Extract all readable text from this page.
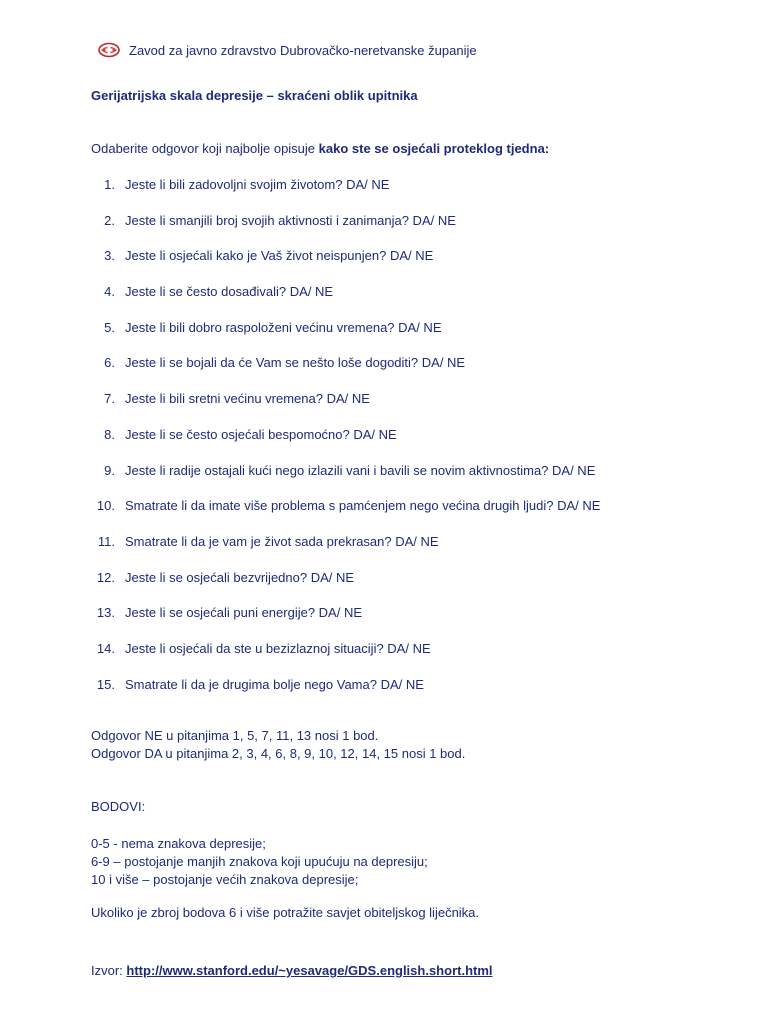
Zavod za javno zdravstvo Dubrovačko-neretvanske županije
Gerijatrijska skala depresije – skraćeni oblik upitnika
Odaberite odgovor koji najbolje opisuje kako ste se osjećali proteklog tjedna:
1. Jeste li bili zadovoljni svojim životom? DA/ NE
2. Jeste li smanjili broj svojih aktivnosti i zanimanja? DA/ NE
3. Jeste li osjećali kako je Vaš život neispunjen? DA/ NE
4. Jeste li se često dosađivali? DA/ NE
5. Jeste li bili dobro raspoloženi većinu vremena? DA/ NE
6. Jeste li se bojali da će Vam se nešto loše dogoditi? DA/ NE
7. Jeste li bili sretni većinu vremena? DA/ NE
8. Jeste li se često osjećali bespomoćno? DA/ NE
9. Jeste li radije ostajali kući nego izlazili vani i bavili se novim aktivnostima? DA/ NE
10. Smatrate li da imate više problema s pamćenjem nego većina drugih ljudi? DA/ NE
11. Smatrate li da je vam je život sada prekrasan? DA/ NE
12. Jeste li se osjećali bezvrijedno? DA/ NE
13. Jeste li se osjećali puni energije? DA/ NE
14. Jeste li osjećali da ste u bezizlaznoj situaciji? DA/ NE
15. Smatrate li da je drugima bolje nego Vama? DA/ NE
Odgovor NE u pitanjima 1, 5, 7, 11, 13 nosi 1 bod.
Odgovor DA u pitanjima 2, 3, 4, 6, 8, 9, 10, 12, 14, 15 nosi 1 bod.
BODOVI:
0-5 - nema znakova depresije;
6-9 – postojanje manjih znakova koji upućuju na depresiju;
10 i više – postojanje većih znakova depresije;
Ukoliko je zbroj bodova 6 i više potražite savjet obiteljskog liječnika.
Izvor: http://www.stanford.edu/~yesavage/GDS.english.short.html
